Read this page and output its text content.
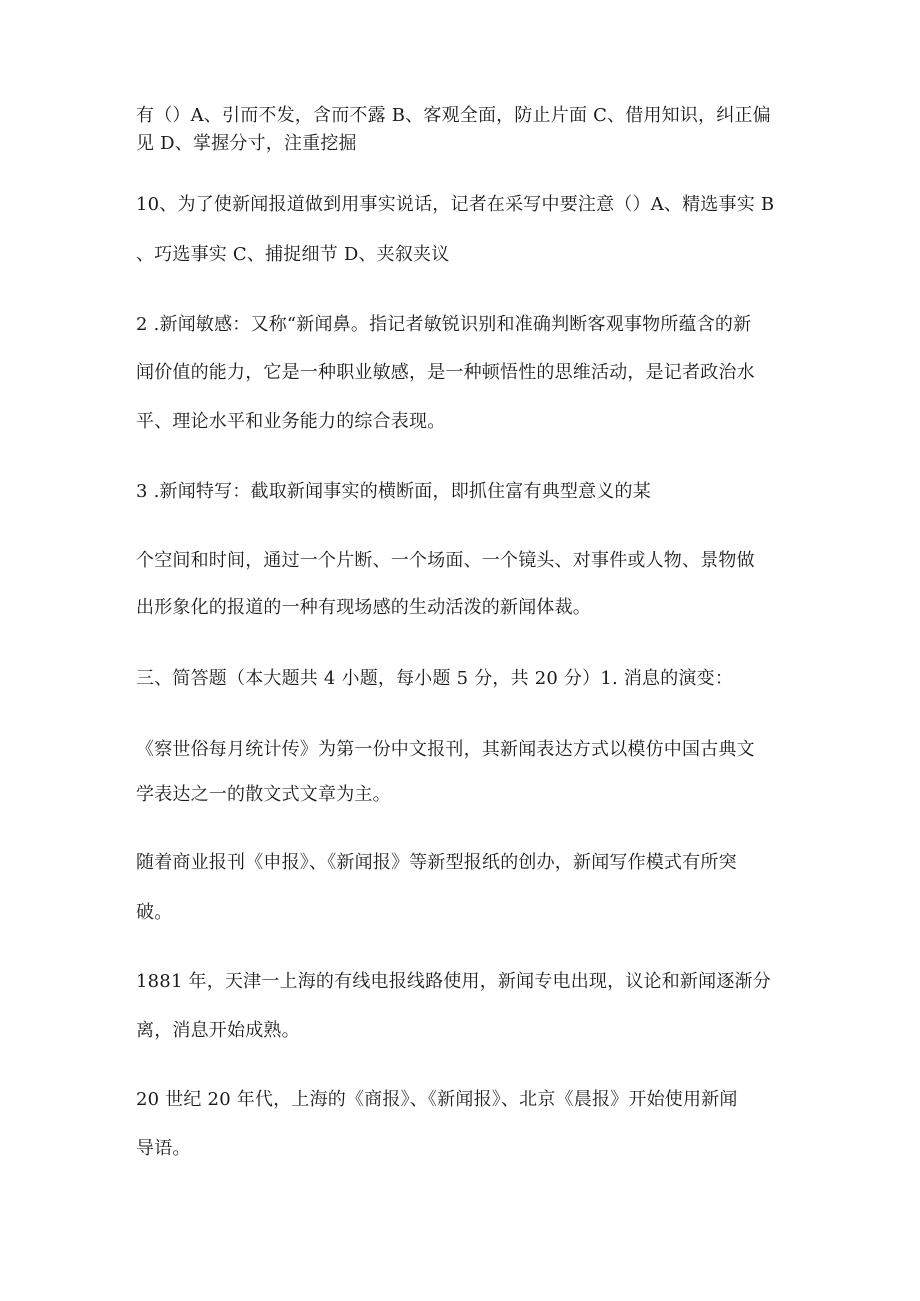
有（）A、引而不发，含而不露 B、客观全面，防止片面 C、借用知识，纠正偏
见 D、掌握分寸，注重挖掘
10、为了使新闻报道做到用事实说话，记者在采写中要注意（）A、精选事实 B
、巧选事实 C、捕捉细节 D、夹叙夹议
2 .新闻敏感：又称“新闻鼻。指记者敏锐识别和准确判断客观事物所蕴含的新
闻价值的能力，它是一种职业敏感，是一种顿悟性的思维活动，是记者政治水
平、理论水平和业务能力的综合表现。
3 .新闻特写：截取新闻事实的横断面，即抓住富有典型意义的某
个空间和时间，通过一个片断、一个场面、一个镜头、对事件或人物、景物做
出形象化的报道的一种有现场感的生动活泼的新闻体裁。
三、简答题（本大题共 4 小题，每小题 5 分，共 20 分）1. 消息的演变：
《察世俗每月统计传》为第一份中文报刊，其新闻表达方式以模仿中国古典文
学表达之一的散文式文章为主。
随着商业报刊《申报》、《新闻报》等新型报纸的创办，新闻写作模式有所突
破。
1881 年，天津一上海的有线电报线路使用，新闻专电出现，议论和新闻逐渐分
离，消息开始成熟。
20 世纪 20 年代，上海的《商报》、《新闻报》、北京《晨报》开始使用新闻
导语。
